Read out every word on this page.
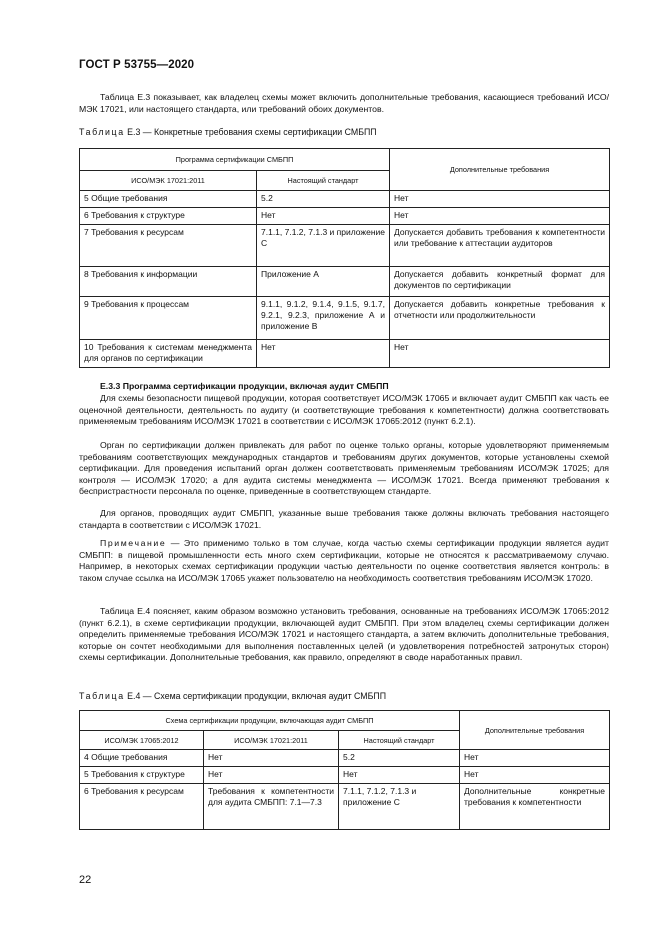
ГОСТ Р 53755—2020

Таблица Е.3 показывает, как владелец схемы может включить дополнительные требования, касающиеся требований ИСО/МЭК 17021, или настоящего стандарта, или требований обоих документов.

Таблица Е.3 — Конкретные требования схемы сертификации СМБПП
Программа сертификации СМБПП		Дополнительные требования
ИСО/МЭК 17021:2011	Настоящий стандарт	
5 Общие требования	5.2	Нет
6 Требования к структуре	Нет	Нет
7 Требования к ресурсам	7.1.1, 7.1.2, 7.1.3 и приложение С	Допускается добавить требования к компетентности или требование к аттестации аудиторов
8 Требования к информации	Приложение А	Допускается добавить конкретный формат для документов по сертификации
9 Требования к процессам	9.1.1, 9.1.2, 9.1.4, 9.1.5, 9.1.7, 9.2.1, 9.2.3, приложение А и приложение В	Допускается добавить конкретные требования к отчетности или продолжительности
10 Требования к системам менеджмента для органов по сертификации	Нет	Нет
Е.3.3 Программа сертификации продукции, включая аудит СМБПП

Для схемы безопасности пищевой продукции, которая соответствует ИСО/МЭК 17065 и включает аудит СМБПП как часть ее оценочной деятельности, деятельность по аудиту (и соответствующие требования к компетентности) должна соответствовать применяемым требованиям ИСО/МЭК 17021 в соответствии с ИСО/МЭК 17065:2012 (пункт 6.2.1).

Орган по сертификации должен привлекать для работ по оценке только органы, которые удовлетворяют применяемым требованиям соответствующих международных стандартов и требованиям других документов, которые установлены схемой сертификации. Для проведения испытаний орган должен соответствовать применяемым требованиям ИСО/МЭК 17025; для контроля — ИСО/МЭК 17020; а для аудита системы менеджмента — ИСО/МЭК 17021. Всегда применяют требования к беспристрастности персонала по оценке, приведенные в соответствующем стандарте.

Для органов, проводящих аудит СМБПП, указанные выше требования также должны включать требования настоящего стандарта в соответствии с ИСО/МЭК 17021.

Примечание — Это применимо только в том случае, когда частью схемы сертификации продукции является аудит СМБПП: в пищевой промышленности есть много схем сертификации, которые не относятся к рассматриваемому случаю. Например, в некоторых схемах сертификации продукции частью деятельности по оценке соответствия является контроль: в таком случае ссылка на ИСО/МЭК 17065 укажет пользователю на необходимость соответствия требованиям ИСО/МЭК 17020.

Таблица Е.4 поясняет, каким образом возможно установить требования, основанные на требованиях ИСО/МЭК 17065:2012 (пункт 6.2.1), в схеме сертификации продукции, включающей аудит СМБПП. При этом владелец схемы сертификации должен определить применяемые требования ИСО/МЭК 17021 и настоящего стандарта, а затем включить дополнительные требования, которые он сочтет необходимыми для выполнения поставленных целей (и удовлетворения потребностей затронутых сторон) схемы сертификации. Дополнительные требования, как правило, определяют в своде наработанных правил.

Таблица Е.4 — Схема сертификации продукции, включая аудит СМБПП
Схема сертификации продукции, включающая аудит СМБПП			Дополнительные требования
ИСО/МЭК 17065:2012	ИСО/МЭК 17021:2011	Настоящий стандарт	
4 Общие требования	Нет	5.2	Нет
5 Требования к структуре	Нет	Нет	Нет
6 Требования к ресурсам	Требования к компетентности для аудита СМБПП: 7.1—7.3	7.1.1, 7.1.2, 7.1.3 и приложение С	Дополнительные конкретные требования к компетентности
22
